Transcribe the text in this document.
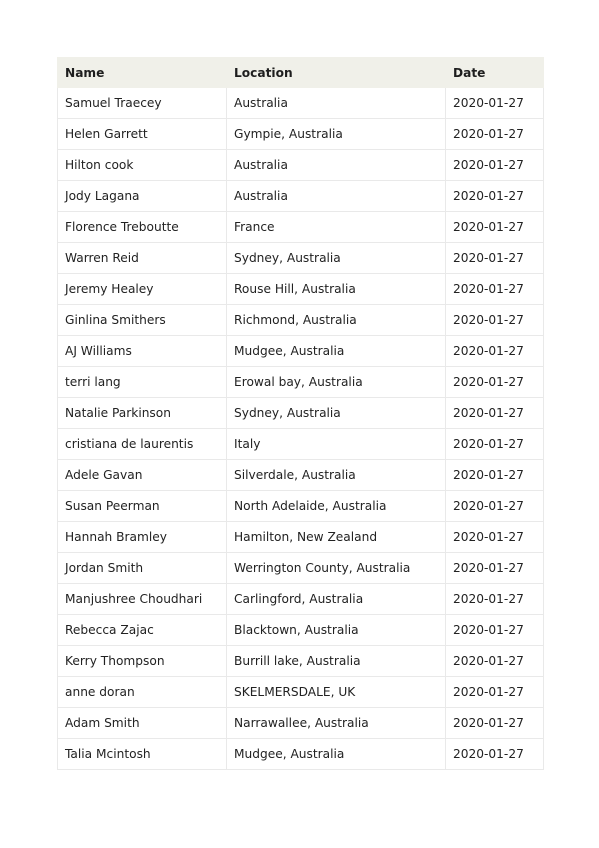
Name	Location	Date
Samuel Traecey	Australia	2020-01-27
Helen Garrett	Gympie, Australia	2020-01-27
Hilton cook	Australia	2020-01-27
Jody Lagana	Australia	2020-01-27
Florence Treboutte	France	2020-01-27
Warren Reid	Sydney, Australia	2020-01-27
Jeremy Healey	Rouse Hill, Australia	2020-01-27
Ginlina Smithers	Richmond, Australia	2020-01-27
AJ Williams	Mudgee, Australia	2020-01-27
terri lang	Erowal bay, Australia	2020-01-27
Natalie Parkinson	Sydney, Australia	2020-01-27
cristiana de laurentis	Italy	2020-01-27
Adele Gavan	Silverdale, Australia	2020-01-27
Susan Peerman	North Adelaide, Australia	2020-01-27
Hannah Bramley	Hamilton, New Zealand	2020-01-27
Jordan Smith	Werrington County, Australia	2020-01-27
Manjushree Choudhari	Carlingford, Australia	2020-01-27
Rebecca Zajac	Blacktown, Australia	2020-01-27
Kerry Thompson	Burrill lake, Australia	2020-01-27
anne doran	SKELMERSDALE, UK	2020-01-27
Adam Smith	Narrawallee, Australia	2020-01-27
Talia Mcintosh	Mudgee, Australia	2020-01-27
